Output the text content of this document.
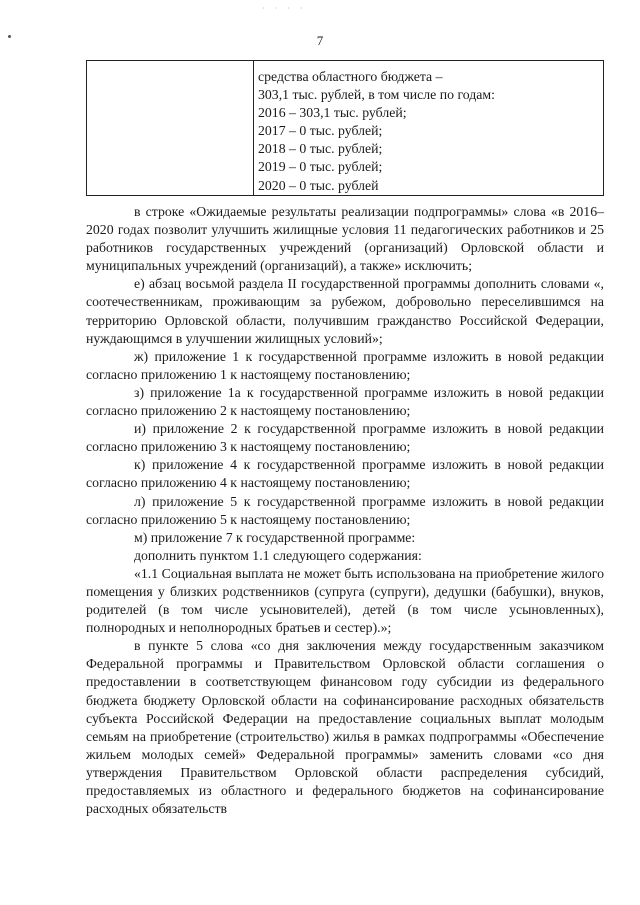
· · · ·
7

средства областного бюджета –
303,1 тыс. рублей, в том числе по годам:
2016 – 303,1 тыс. рублей;
2017 – 0 тыс. рублей;
2018 – 0 тыс. рублей;
2019 – 0 тыс. рублей;
2020 – 0 тыс. рублей

в строке «Ожидаемые результаты реализации подпрограммы» слова «в 2016–2020 годах позволит улучшить жилищные условия 11 педагогических работников и 25 работников государственных учреждений (организаций) Орловской области и муниципальных учреждений (организаций), а также» исключить;

е) абзац восьмой раздела II государственной программы дополнить словами «, соотечественникам, проживающим за рубежом, добровольно переселившимся на территорию Орловской области, получившим гражданство Российской Федерации, нуждающимся в улучшении жилищных условий»;

ж) приложение 1 к государственной программе изложить в новой редакции согласно приложению 1 к настоящему постановлению;

з) приложение 1а к государственной программе изложить в новой редакции согласно приложению 2 к настоящему постановлению;

и) приложение 2 к государственной программе изложить в новой редакции согласно приложению 3 к настоящему постановлению;

к) приложение 4 к государственной программе изложить в новой редакции согласно приложению 4 к настоящему постановлению;

л) приложение 5 к государственной программе изложить в новой редакции согласно приложению 5 к настоящему постановлению;

м) приложение 7 к государственной программе:

дополнить пунктом 1.1 следующего содержания:

«1.1 Социальная выплата не может быть использована на приобретение жилого помещения у близких родственников (супруга (супруги), дедушки (бабушки), внуков, родителей (в том числе усыновителей), детей (в том числе усыновленных), полнородных и неполнородных братьев и сестер).»;

в пункте 5 слова «со дня заключения между государственным заказчиком Федеральной программы и Правительством Орловской области соглашения о предоставлении в соответствующем финансовом году субсидии из федерального бюджета бюджету Орловской области на софинансирование расходных обязательств субъекта Российской Федерации на предоставление социальных выплат молодым семьям на приобретение (строительство) жилья в рамках подпрограммы «Обеспечение жильем молодых семей» Федеральной программы» заменить словами «со дня утверждения Правительством Орловской области распределения субсидий, предоставляемых из областного и федерального бюджетов на софинансирование расходных обязательств
